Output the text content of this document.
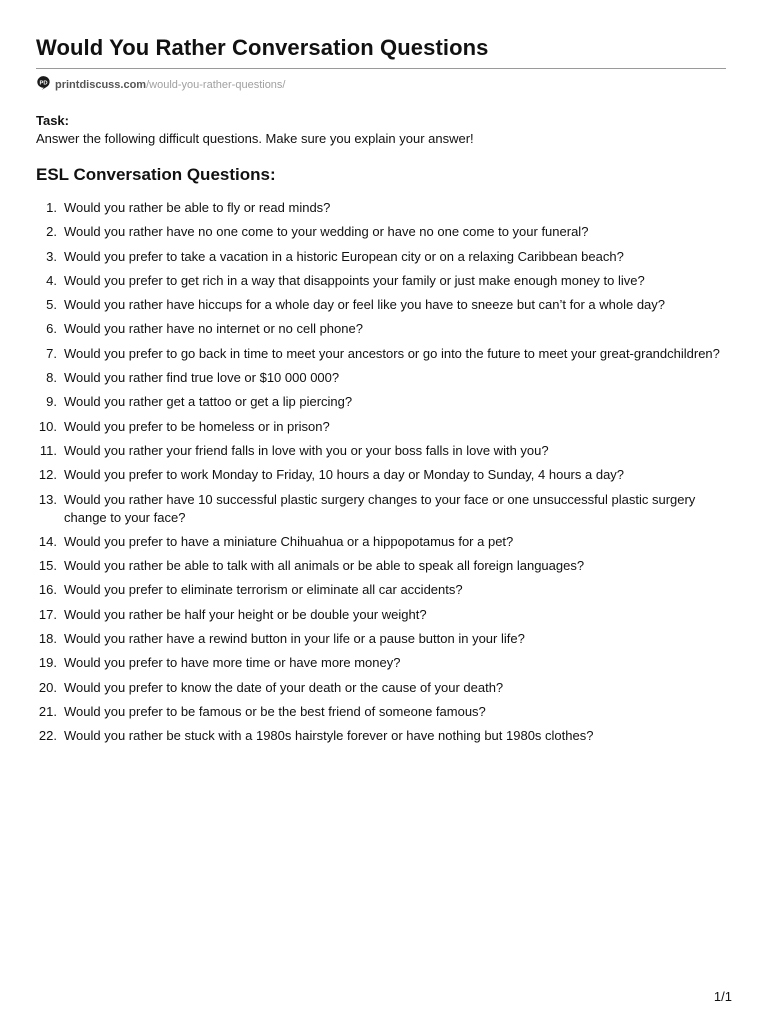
Would You Rather Conversation Questions
PD printdiscuss.com /would-you-rather-questions/
Task:
Answer the following difficult questions. Make sure you explain your answer!
ESL Conversation Questions:
1. Would you rather be able to fly or read minds?
2. Would you rather have no one come to your wedding or have no one come to your funeral?
3. Would you prefer to take a vacation in a historic European city or on a relaxing Caribbean beach?
4. Would you prefer to get rich in a way that disappoints your family or just make enough money to live?
5. Would you rather have hiccups for a whole day or feel like you have to sneeze but can’t for a whole day?
6. Would you rather have no internet or no cell phone?
7. Would you prefer to go back in time to meet your ancestors or go into the future to meet your great-grandchildren?
8. Would you rather find true love or $10 000 000?
9. Would you rather get a tattoo or get a lip piercing?
10. Would you prefer to be homeless or in prison?
11. Would you rather your friend falls in love with you or your boss falls in love with you?
12. Would you prefer to work Monday to Friday, 10 hours a day or Monday to Sunday, 4 hours a day?
13. Would you rather have 10 successful plastic surgery changes to your face or one unsuccessful plastic surgery change to your face?
14. Would you prefer to have a miniature Chihuahua or a hippopotamus for a pet?
15. Would you rather be able to talk with all animals or be able to speak all foreign languages?
16. Would you prefer to eliminate terrorism or eliminate all car accidents?
17. Would you rather be half your height or be double your weight?
18. Would you rather have a rewind button in your life or a pause button in your life?
19. Would you prefer to have more time or have more money?
20. Would you prefer to know the date of your death or the cause of your death?
21. Would you prefer to be famous or be the best friend of someone famous?
22. Would you rather be stuck with a 1980s hairstyle forever or have nothing but 1980s clothes?
1/1
